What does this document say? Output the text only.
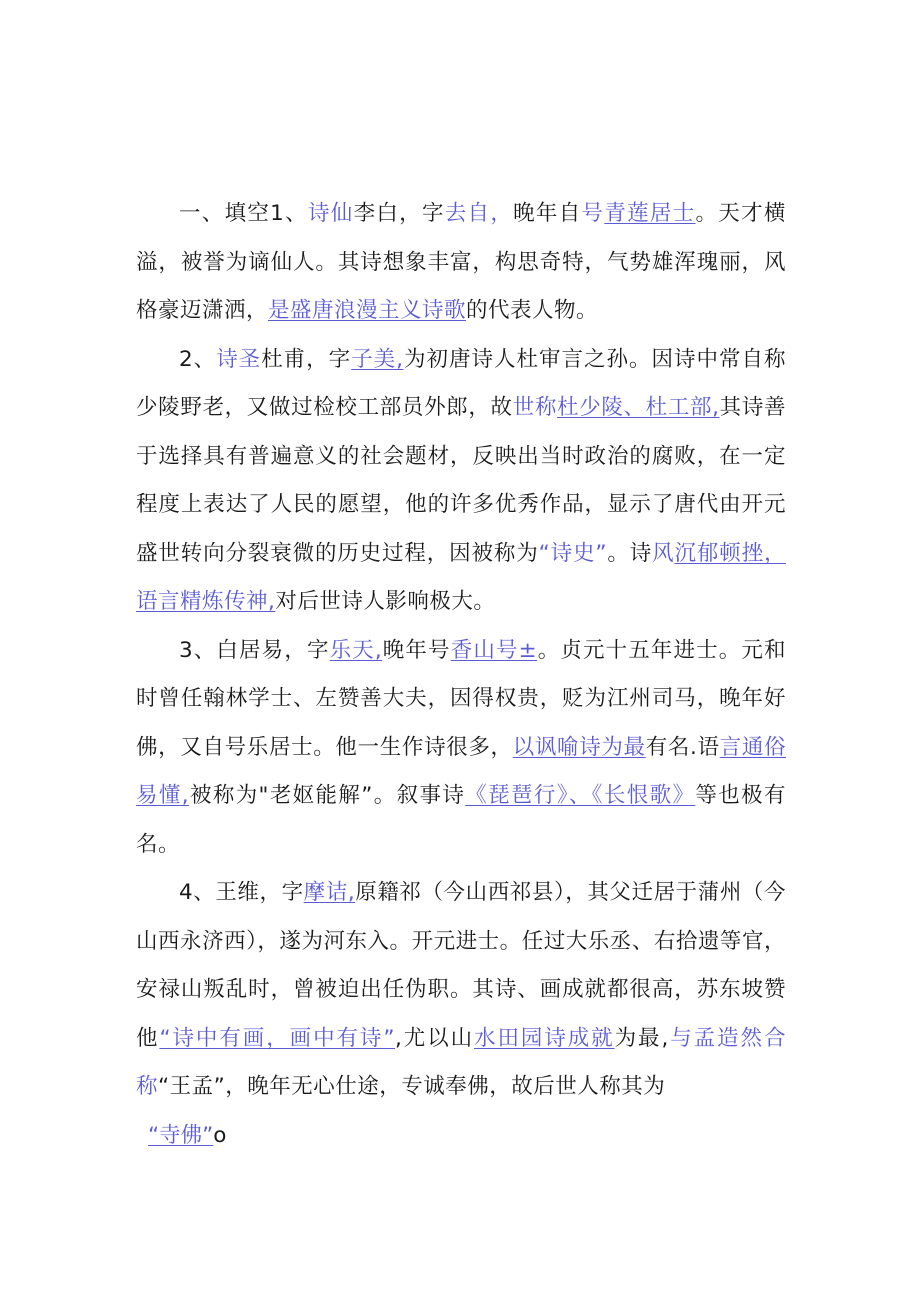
一、填空1、诗仙李白，字去自，晚年自号青莲居士。天才横溢，被誉为谪仙人。其诗想象丰富，构思奇特，气势雄浑瑰丽，风格豪迈潇洒，是盛唐浪漫主义诗歌的代表人物。

2、诗圣杜甫，字子美,为初唐诗人杜审言之孙。因诗中常自称少陵野老，又做过检校工部员外郎，故世称杜少陵、杜工部,其诗善于选择具有普遍意义的社会题材，反映出当时政治的腐败，在一定程度上表达了人民的愿望，他的许多优秀作品，显示了唐代由开元盛世转向分裂衰微的历史过程，因被称为“诗史”。诗风沉郁顿挫，语言精炼传神,对后世诗人影响极大。

3、白居易，字乐天,晚年号香山号±。贞元十五年进士。元和时曾任翰林学士、左赞善大夫，因得权贵，贬为江州司马，晚年好佛，又自号乐居士。他一生作诗很多，以讽喻诗为最有名.语言通俗易懂,被称为"老妪能解”。叙事诗《琵琶行》、《长恨歌》等也极有名。

4、王维，字摩诘,原籍祁（今山西祁县），其父迁居于蒲州（今山西永济西），遂为河东入。开元进士。任过大乐丞、右拾遗等官，安禄山叛乱时，曾被迫出任伪职。其诗、画成就都很高，苏东坡赞他“诗中有画，画中有诗”,尤以山水田园诗成就为最,与孟造然合称“王孟”，晚年无心仕途，专诚奉佛，故后世人称其为

“寺佛”o
